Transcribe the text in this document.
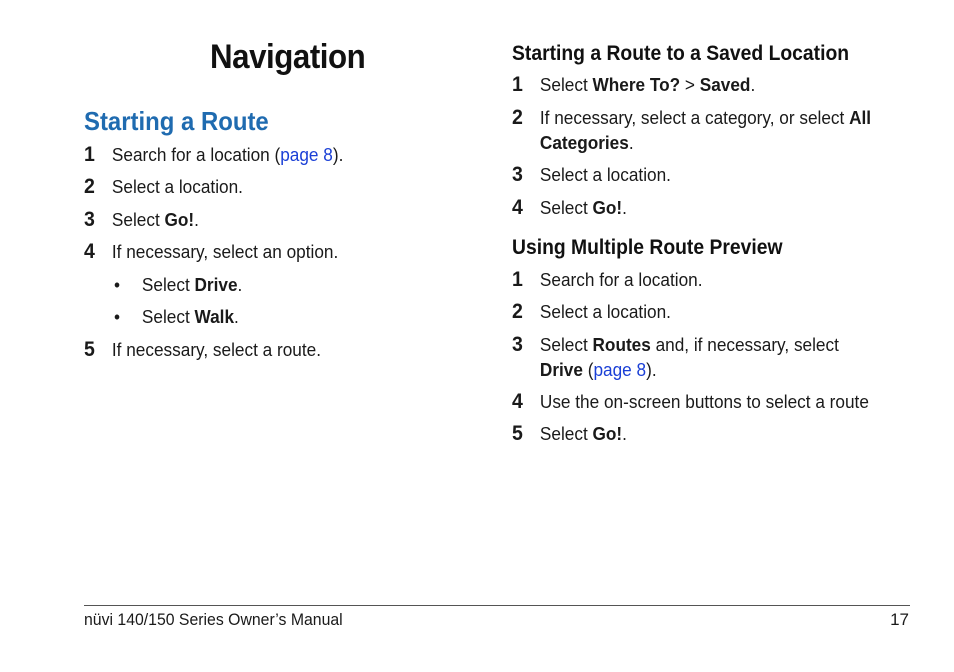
Navigation
Starting a Route
1 Search for a location (page 8).
2 Select a location.
3 Select Go!.
4 If necessary, select an option.
• Select Drive.
• Select Walk.
5 If necessary, select a route.
Starting a Route to a Saved Location
1 Select Where To? > Saved.
2 If necessary, select a category, or select All
Categories.
3 Select a location.
4 Select Go!.
Using Multiple Route Preview
1 Search for a location.
2 Select a location.
3 Select Routes and, if necessary, select
Drive (page 8).
4 Use the on-screen buttons to select a route
5 Select Go!.
nüvi 140/150 Series Owner’s Manual	17
